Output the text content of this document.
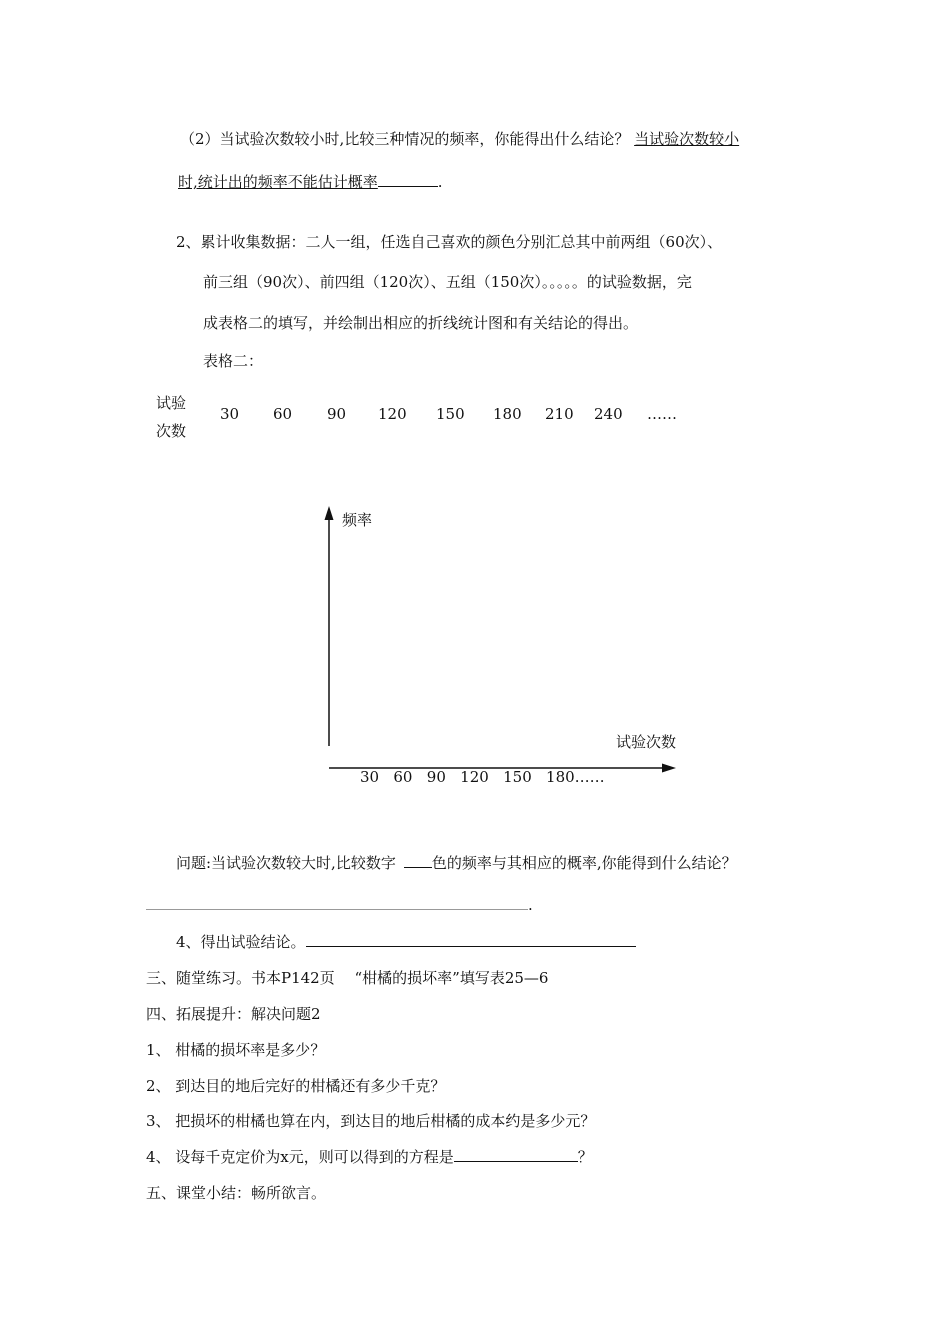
（2）当试验次数较小时,比较三种情况的频率，你能得出什么结论？ 当试验次数较小
时,统计出的频率不能估计概率	.
2、累计收集数据：二人一组，任选自己喜欢的颜色分别汇总其中前两组（60次）、
前三组（90次）、前四组（120次）、五组（150次）。。。。。的试验数据，完
成表格二的填写，并绘制出相应的折线统计图和有关结论的得出。
表格二：
试验
次数
30 60 90 120 150 180 210 240 ……
频率
试验次数
30   60   90   120   150   180……
问题:当试验次数较大时,比较数字 色的频率与其相应的概率,你能得到什么结论？
.
4、得出试验结论。
三、随堂练习。书本P142页　 “柑橘的损坏率”填写表25—6
四、拓展提升：解决问题2
1、 柑橘的损坏率是多少？
2、 到达目的地后完好的柑橘还有多少千克？
3、 把损坏的柑橘也算在内，到达目的地后柑橘的成本约是多少元？
4、 设每千克定价为x元，则可以得到的方程是	？
五、课堂小结：畅所欲言。
